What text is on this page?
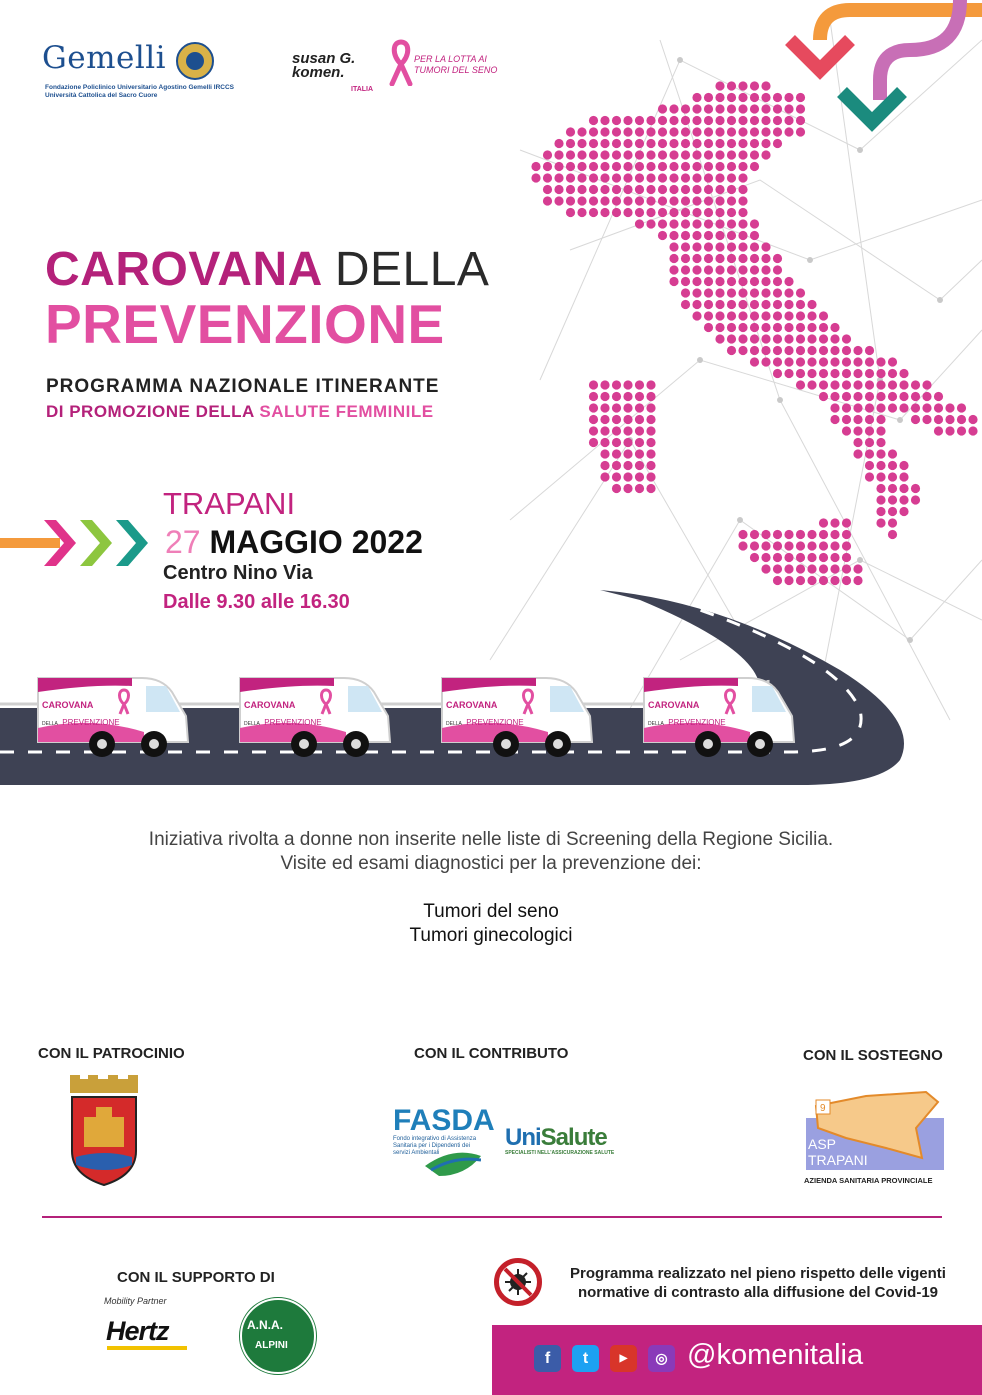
Gemelli
Fondazione Policlinico Universitario Agostino Gemelli IRCCS Università Cattolica del Sacro Cuore
susan G. komen.
ITALIA
PER LA LOTTA AI TUMORI DEL SENO
CAROVANA DELLA
PREVENZIONE
PROGRAMMA NAZIONALE ITINERANTE
DI PROMOZIONE DELLA SALUTE FEMMINILE
TRAPANI
27 MAGGIO 2022
Centro Nino Via
Dalle 9.30 alle 16.30
CAROVANA
DELLA PREVENZIONE
CAROVANA
DELLA PREVENZIONE
CAROVANA
DELLA PREVENZIONE
CAROVANA
DELLA PREVENZIONE
Iniziativa rivolta a donne non inserite nelle liste di Screening della Regione Sicilia.
Visite ed esami diagnostici per la prevenzione dei:
Tumori del seno
Tumori ginecologici
CON IL PATROCINIO	CON IL CONTRIBUTO	CON IL SOSTEGNO
FASDA
Fondo integrativo di Assistenza Sanitaria per i Dipendenti dei servizi Ambientali
UniSalute
SPECIALISTI NELL'ASSICURAZIONE SALUTE
9
ASP
TRAPANI
AZIENDA SANITARIA PROVINCIALE
CON IL SUPPORTO DI
Mobility Partner
Hertz	A.N.A.
ALPINI
Programma realizzato nel pieno rispetto delle vigenti
normative di contrasto alla diffusione del Covid-19
f	t	▶	◎ @komenitalia
